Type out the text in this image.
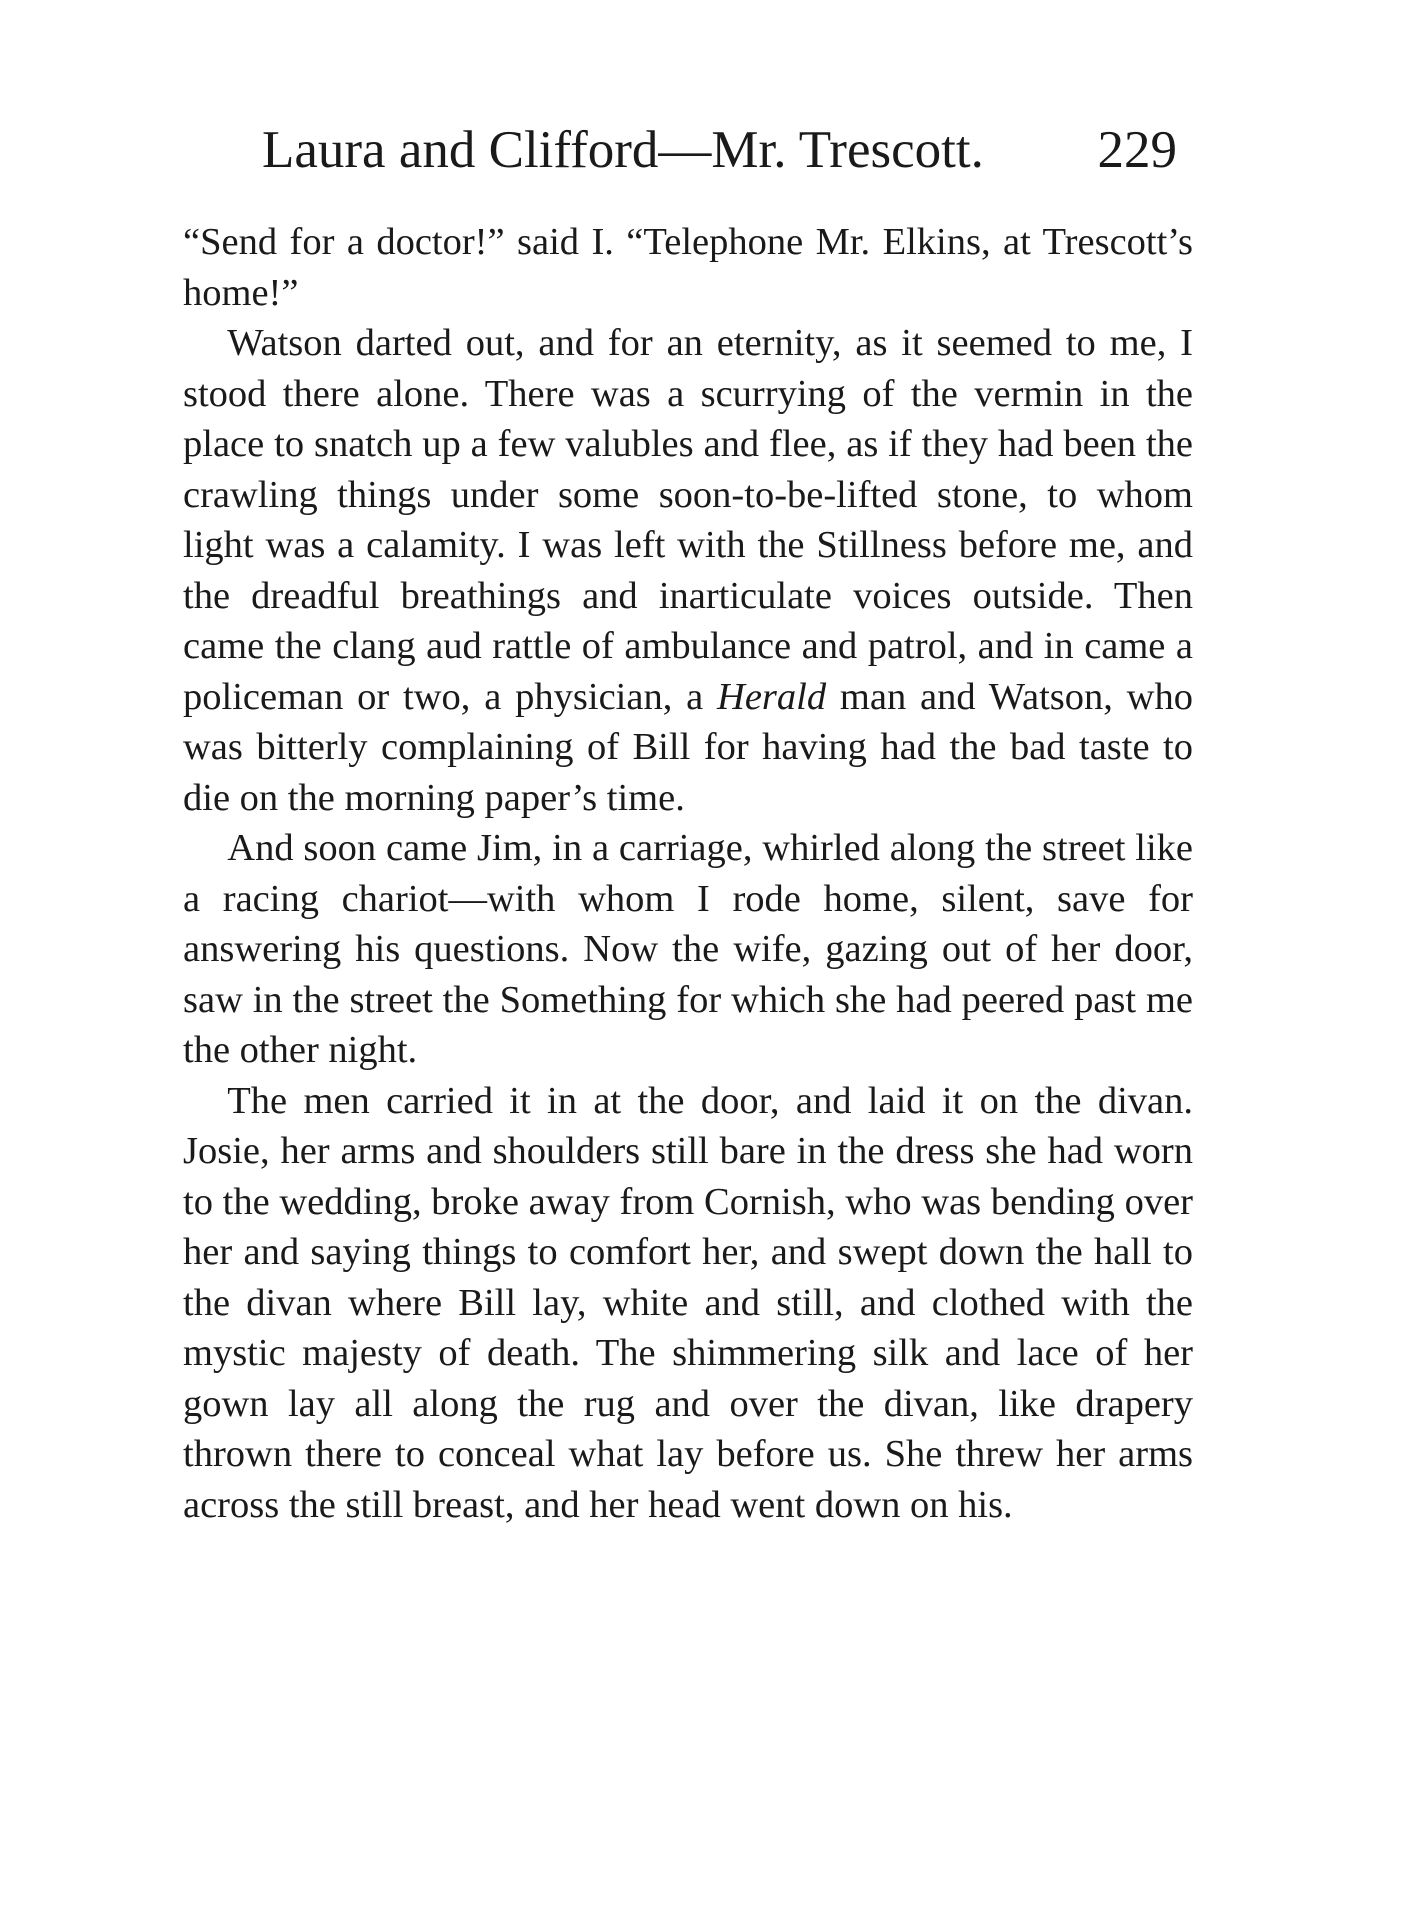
Laura and Clifford—Mr. Trescott. 229

“Send for a doctor!” said I. “Telephone Mr. Elkins, at Trescott’s home!”

Watson darted out, and for an eternity, as it seemed to me, I stood there alone. There was a scurrying of the vermin in the place to snatch up a few valubles and flee, as if they had been the crawling things under some soon-to-be-lifted stone, to whom light was a calamity. I was left with the Stillness before me, and the dreadful breathings and inarticulate voices outside. Then came the clang aud rattle of ambulance and patrol, and in came a policeman or two, a physician, a Herald man and Watson, who was bitterly complaining of Bill for having had the bad taste to die on the morning paper’s time.

And soon came Jim, in a carriage, whirled along the street like a racing chariot—with whom I rode home, silent, save for answering his questions. Now the wife, gazing out of her door, saw in the street the Something for which she had peered past me the other night.

The men carried it in at the door, and laid it on the divan. Josie, her arms and shoulders still bare in the dress she had worn to the wedding, broke away from Cornish, who was bending over her and saying things to comfort her, and swept down the hall to the divan where Bill lay, white and still, and clothed with the mystic majesty of death. The shimmering silk and lace of her gown lay all along the rug and over the divan, like drapery thrown there to conceal what lay before us. She threw her arms across the still breast, and her head went down on his.
